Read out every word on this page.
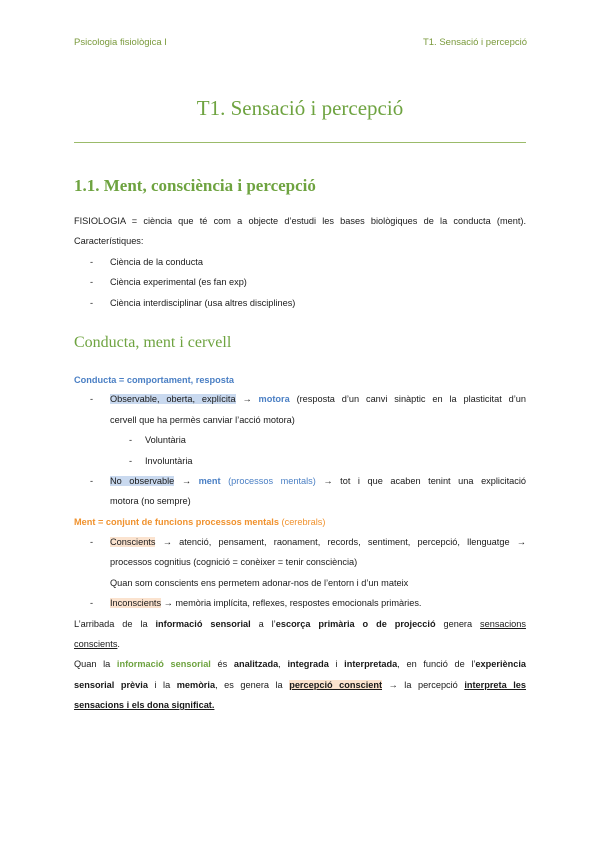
Psicologia fisiològica I	T1. Sensació i percepció
T1. Sensació i percepció
1.1. Ment, consciència i percepció
FISIOLOGIA = ciència que té com a objecte d’estudi les bases biològiques de la conducta (ment).
Característiques:
- Ciència de la conducta
- Ciència experimental (es fan exp)
- Ciència interdisciplinar (usa altres disciplines)
Conducta, ment i cervell
Conducta = comportament, resposta
- Observable, oberta, explícita → motora (resposta d’un canvi sinàptic en la plasticitat d’un
cervell que ha permès canviar l’acció motora)
- Voluntària
- Involuntària
- No observable → ment (processos mentals) → tot i que acaben tenint una explicitació
motora (no sempre)
Ment = conjunt de funcions processos mentals (cerebrals)
- Conscients → atenció, pensament, raonament, records, sentiment, percepció, llenguatge →
processos cognitius (cognició = conèixer = tenir consciència)
Quan som conscients ens permetem adonar-nos de l’entorn i d’un mateix
- Inconscients → memòria implícita, reflexes, respostes emocionals primàries.
L’arribada de la informació sensorial a l’escorça primària o de projecció genera sensacions
conscients.
Quan la informació sensorial és analitzada, integrada i interpretada, en funció de l’experiència
sensorial prèvia i la memòria, es genera la percepció conscient → la percepció interpreta les
sensacions i els dona significat.
